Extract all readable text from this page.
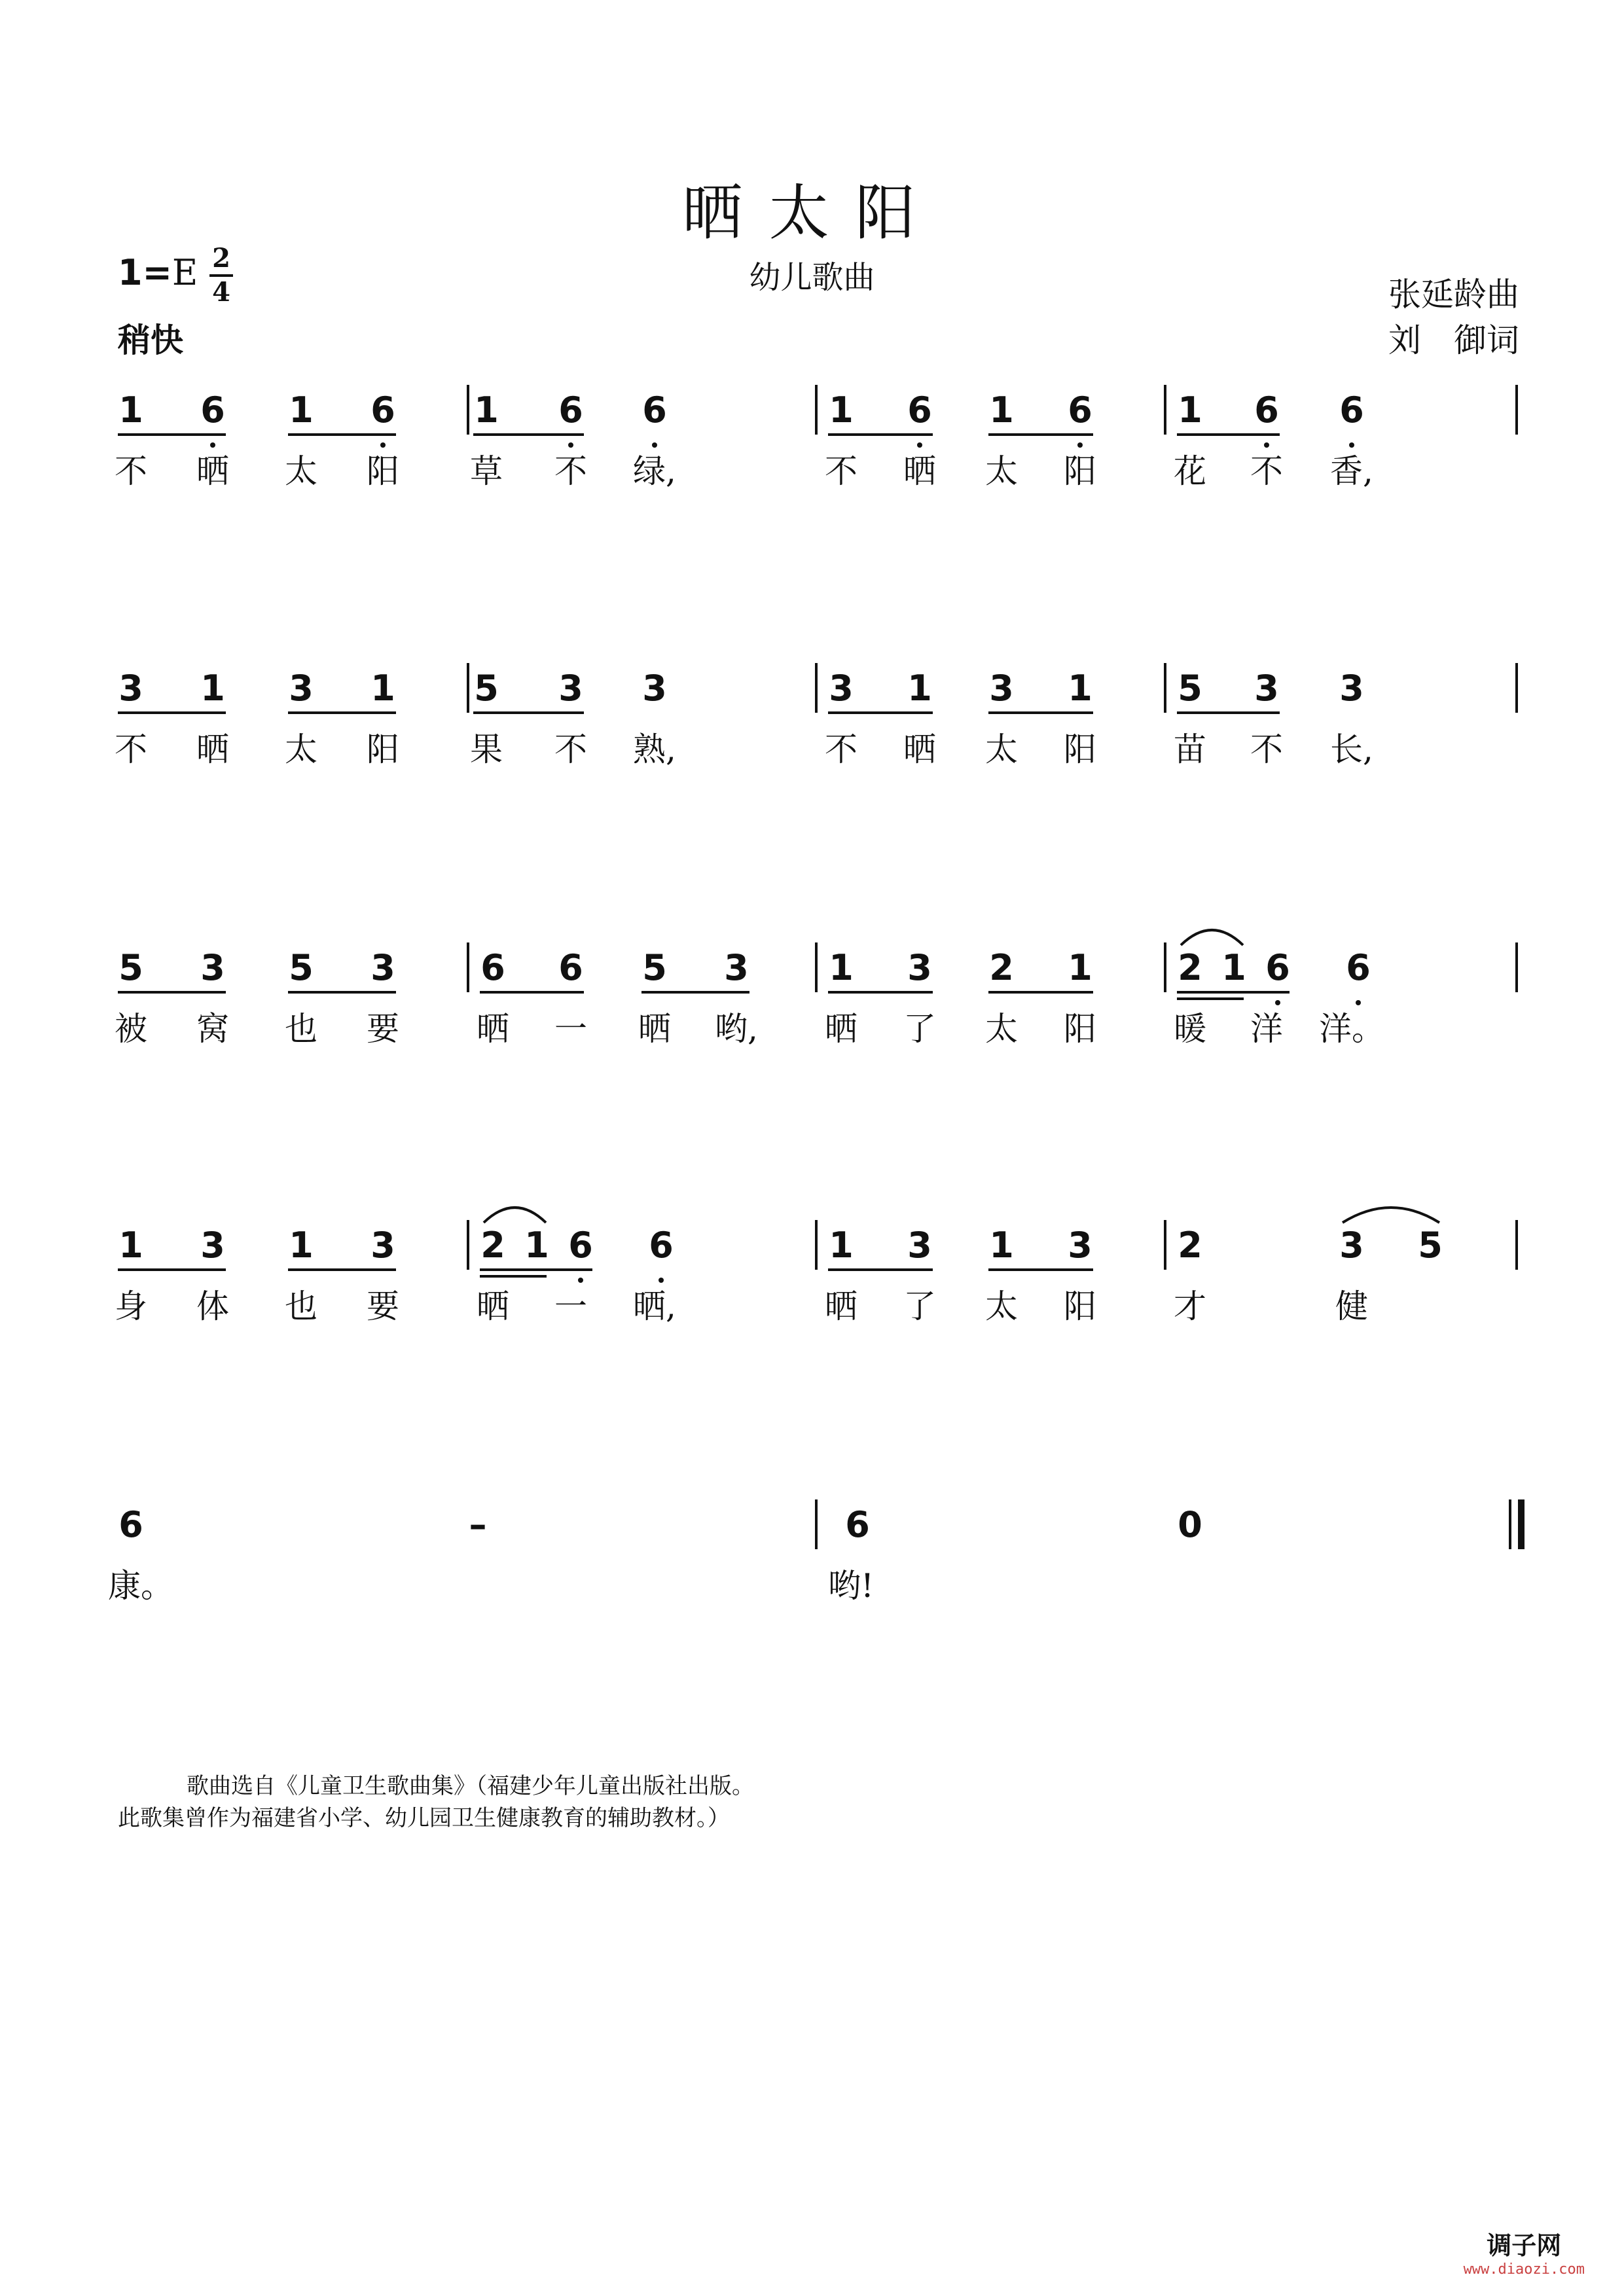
晒太阳
幼儿歌曲
1=E 2
4
稍快
张延龄曲
刘　御词
1 6 1 6 1 6 6	1 6 1 6 1 6 6
不 晒 太 阳 草 不 绿,	不 晒 太 阳 花 不 香,
3 1 3 1 5 3 3	3 1 3 1 5 3 3
不 晒 太 阳 果 不 熟,	不 晒 太 阳 苗 不 长,
5 3 5 3 6 6 5 3 1 3 2 1 2 1 6 6
被 窝 也 要 晒 一 晒 哟, 晒 了 太 阳 暖 洋 洋。
1 3 1 3 2 1 6 6	1 3 1 3 2	3 5
身 体 也 要 晒 一 晒,	晒 了 太 阳 才	健
6	–	6	0
康。	哟!
歌曲选自《儿童卫生歌曲集》（福建少年儿童出版社出版。此歌集曾作为福建省小学、幼儿园卫生健康教育的辅助教材。）
调子网
www.diaozi.com
